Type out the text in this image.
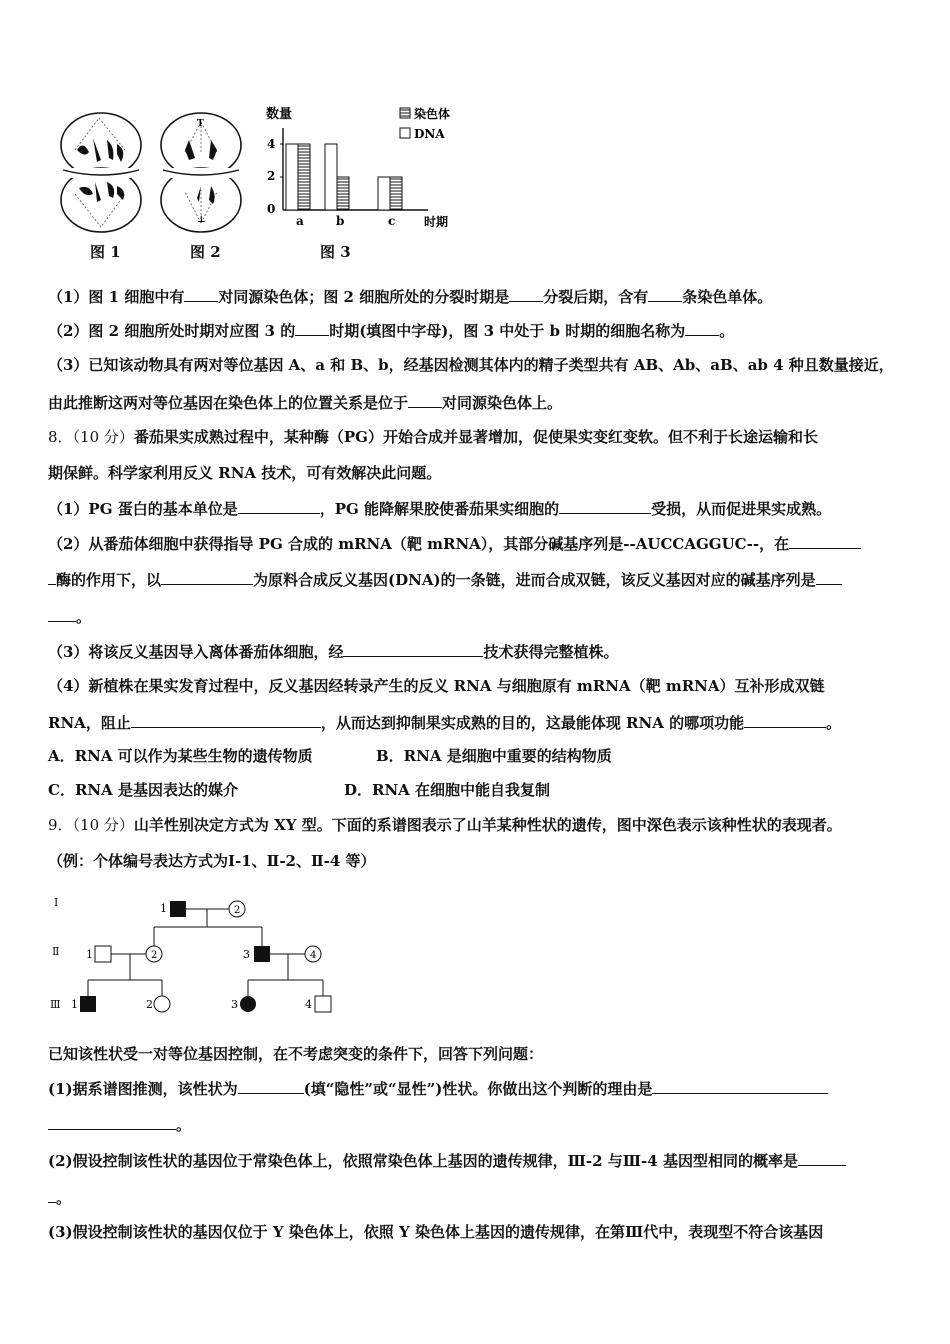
图 1
T
⊥
图 2
数量
4
2
0
a	b	c 时期
染色体
DNA
图 3
（1）图 1 细胞中有 对同源染色体；图 2 细胞所处的分裂时期是 分裂后期，含有 条染色单体。
（2）图 2 细胞所处时期对应图 3 的 时期(填图中字母)，图 3 中处于 b 时期的细胞名称为 。
（3）已知该动物具有两对等位基因 A、a 和 B、b，经基因检测其体内的精子类型共有 AB、Ab、aB、ab 4 种且数量接近，
由此推断这两对等位基因在染色体上的位置关系是位于 对同源染色体上。
8．（10 分）番茄果实成熟过程中，某种酶（PG）开始合成并显著增加，促使果实变红变软。但不利于长途运输和长
期保鲜。科学家利用反义 RNA 技术，可有效解决此问题。
（1）PG 蛋白的基本单位是	，PG 能降解果胶使番茄果实细胞的	受损，从而促进果实成熟。
（2）从番茄体细胞中获得指导 PG 合成的 mRNA（靶 mRNA），其部分碱基序列是--AUCCAGGUC--，在
酶的作用下，以	为原料合成反义基因(DNA)的一条链，进而合成双链，该反义基因对应的碱基序列是
。
（3）将该反义基因导入离体番茄体细胞，经	技术获得完整植株。
（4）新植株在果实发育过程中，反义基因经转录产生的反义 RNA 与细胞原有 mRNA（靶 mRNA）互补形成双链
RNA，阻止	，从而达到抑制果实成熟的目的，这最能体现 RNA 的哪项功能	。
A．RNA 可以作为某些生物的遗传物质	B．RNA 是细胞中重要的结构物质
C．RNA 是基因表达的媒介	D．RNA 在细胞中能自我复制
9．（10 分）山羊性别决定方式为 XY 型。下面的系谱图表示了山羊某种性状的遗传，图中深色表示该种性状的表现者。
（例：个体编号表达方式为Ⅰ-1、Ⅱ-2、Ⅱ-4 等）
Ⅰ
Ⅱ
Ⅲ
1	2
1	2	3	4
1	2	3	4
已知该性状受一对等位基因控制，在不考虑突变的条件下，回答下列问题：
(1)据系谱图推测，该性状为	(填“隐性”或“显性”)性状。你做出这个判断的理由是
。
(2)假设控制该性状的基因位于常染色体上，依照常染色体上基因的遗传规律，Ⅲ-2 与Ⅲ-4 基因型相同的概率是
。
(3)假设控制该性状的基因仅位于 Y 染色体上，依照 Y 染色体上基因的遗传规律，在第Ⅲ代中，表现型不符合该基因
